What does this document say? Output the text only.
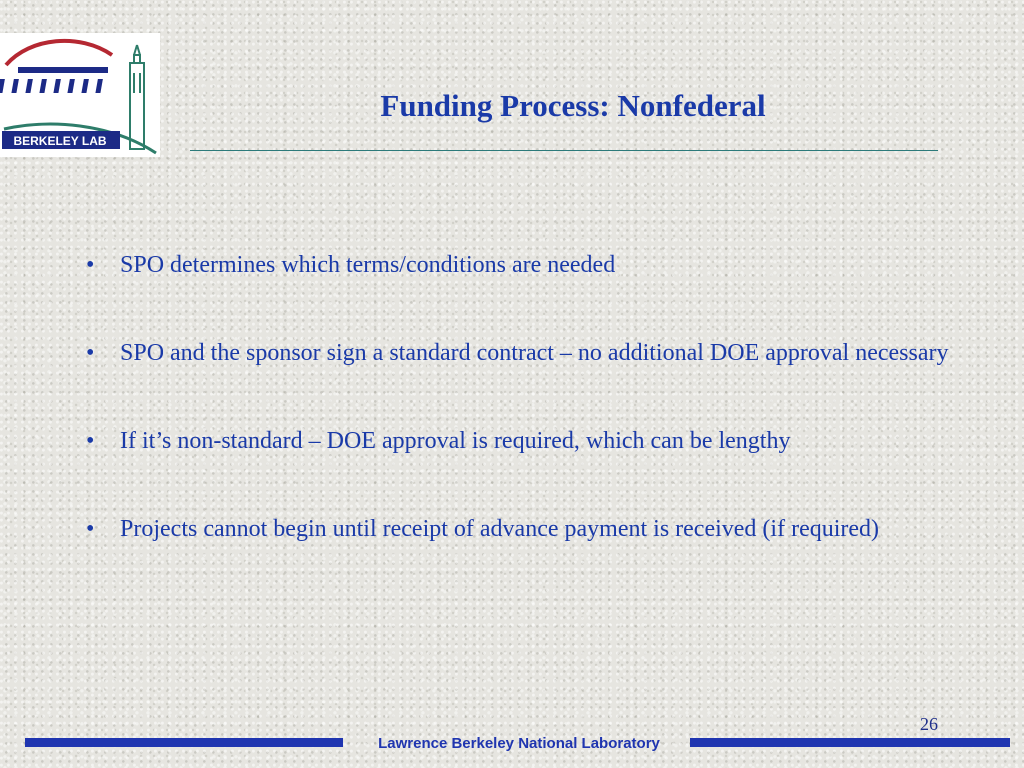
BERKELEY LAB
Funding Process: Nonfederal
•	SPO determines which terms/conditions are needed
•	SPO and the sponsor sign a standard contract – no additional DOE approval necessary
•	If it’s non-standard – DOE approval is required, which can be lengthy
•	Projects cannot begin until receipt of advance payment is received (if required)
26
Lawrence Berkeley National Laboratory
